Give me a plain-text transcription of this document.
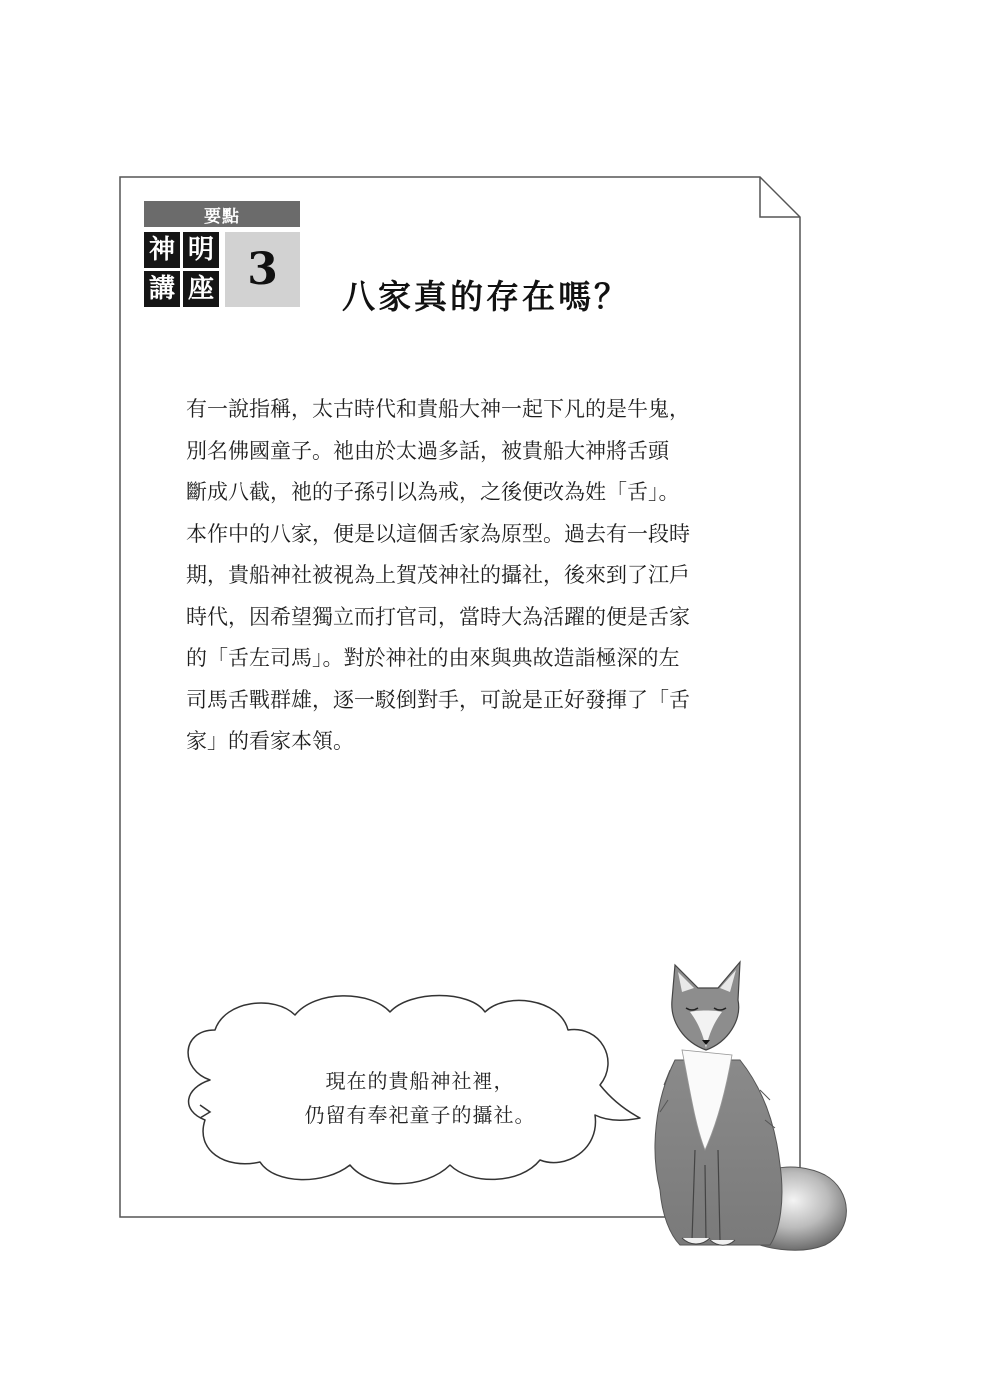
要點
神 明
講 座 3
八家真的存在嗎？
有一說指稱，太古時代和貴船大神一起下凡的是牛鬼，
別名佛國童子。祂由於太過多話，被貴船大神將舌頭
斷成八截，祂的子孫引以為戒，之後便改為姓「舌」。
本作中的八家，便是以這個舌家為原型。過去有一段時
期，貴船神社被視為上賀茂神社的攝社，後來到了江戶
時代，因希望獨立而打官司，當時大為活躍的便是舌家
的「舌左司馬」。對於神社的由來與典故造詣極深的左
司馬舌戰群雄，逐一駁倒對手，可說是正好發揮了「舌
家」的看家本領。
現在的貴船神社裡，
仍留有奉祀童子的攝社。
